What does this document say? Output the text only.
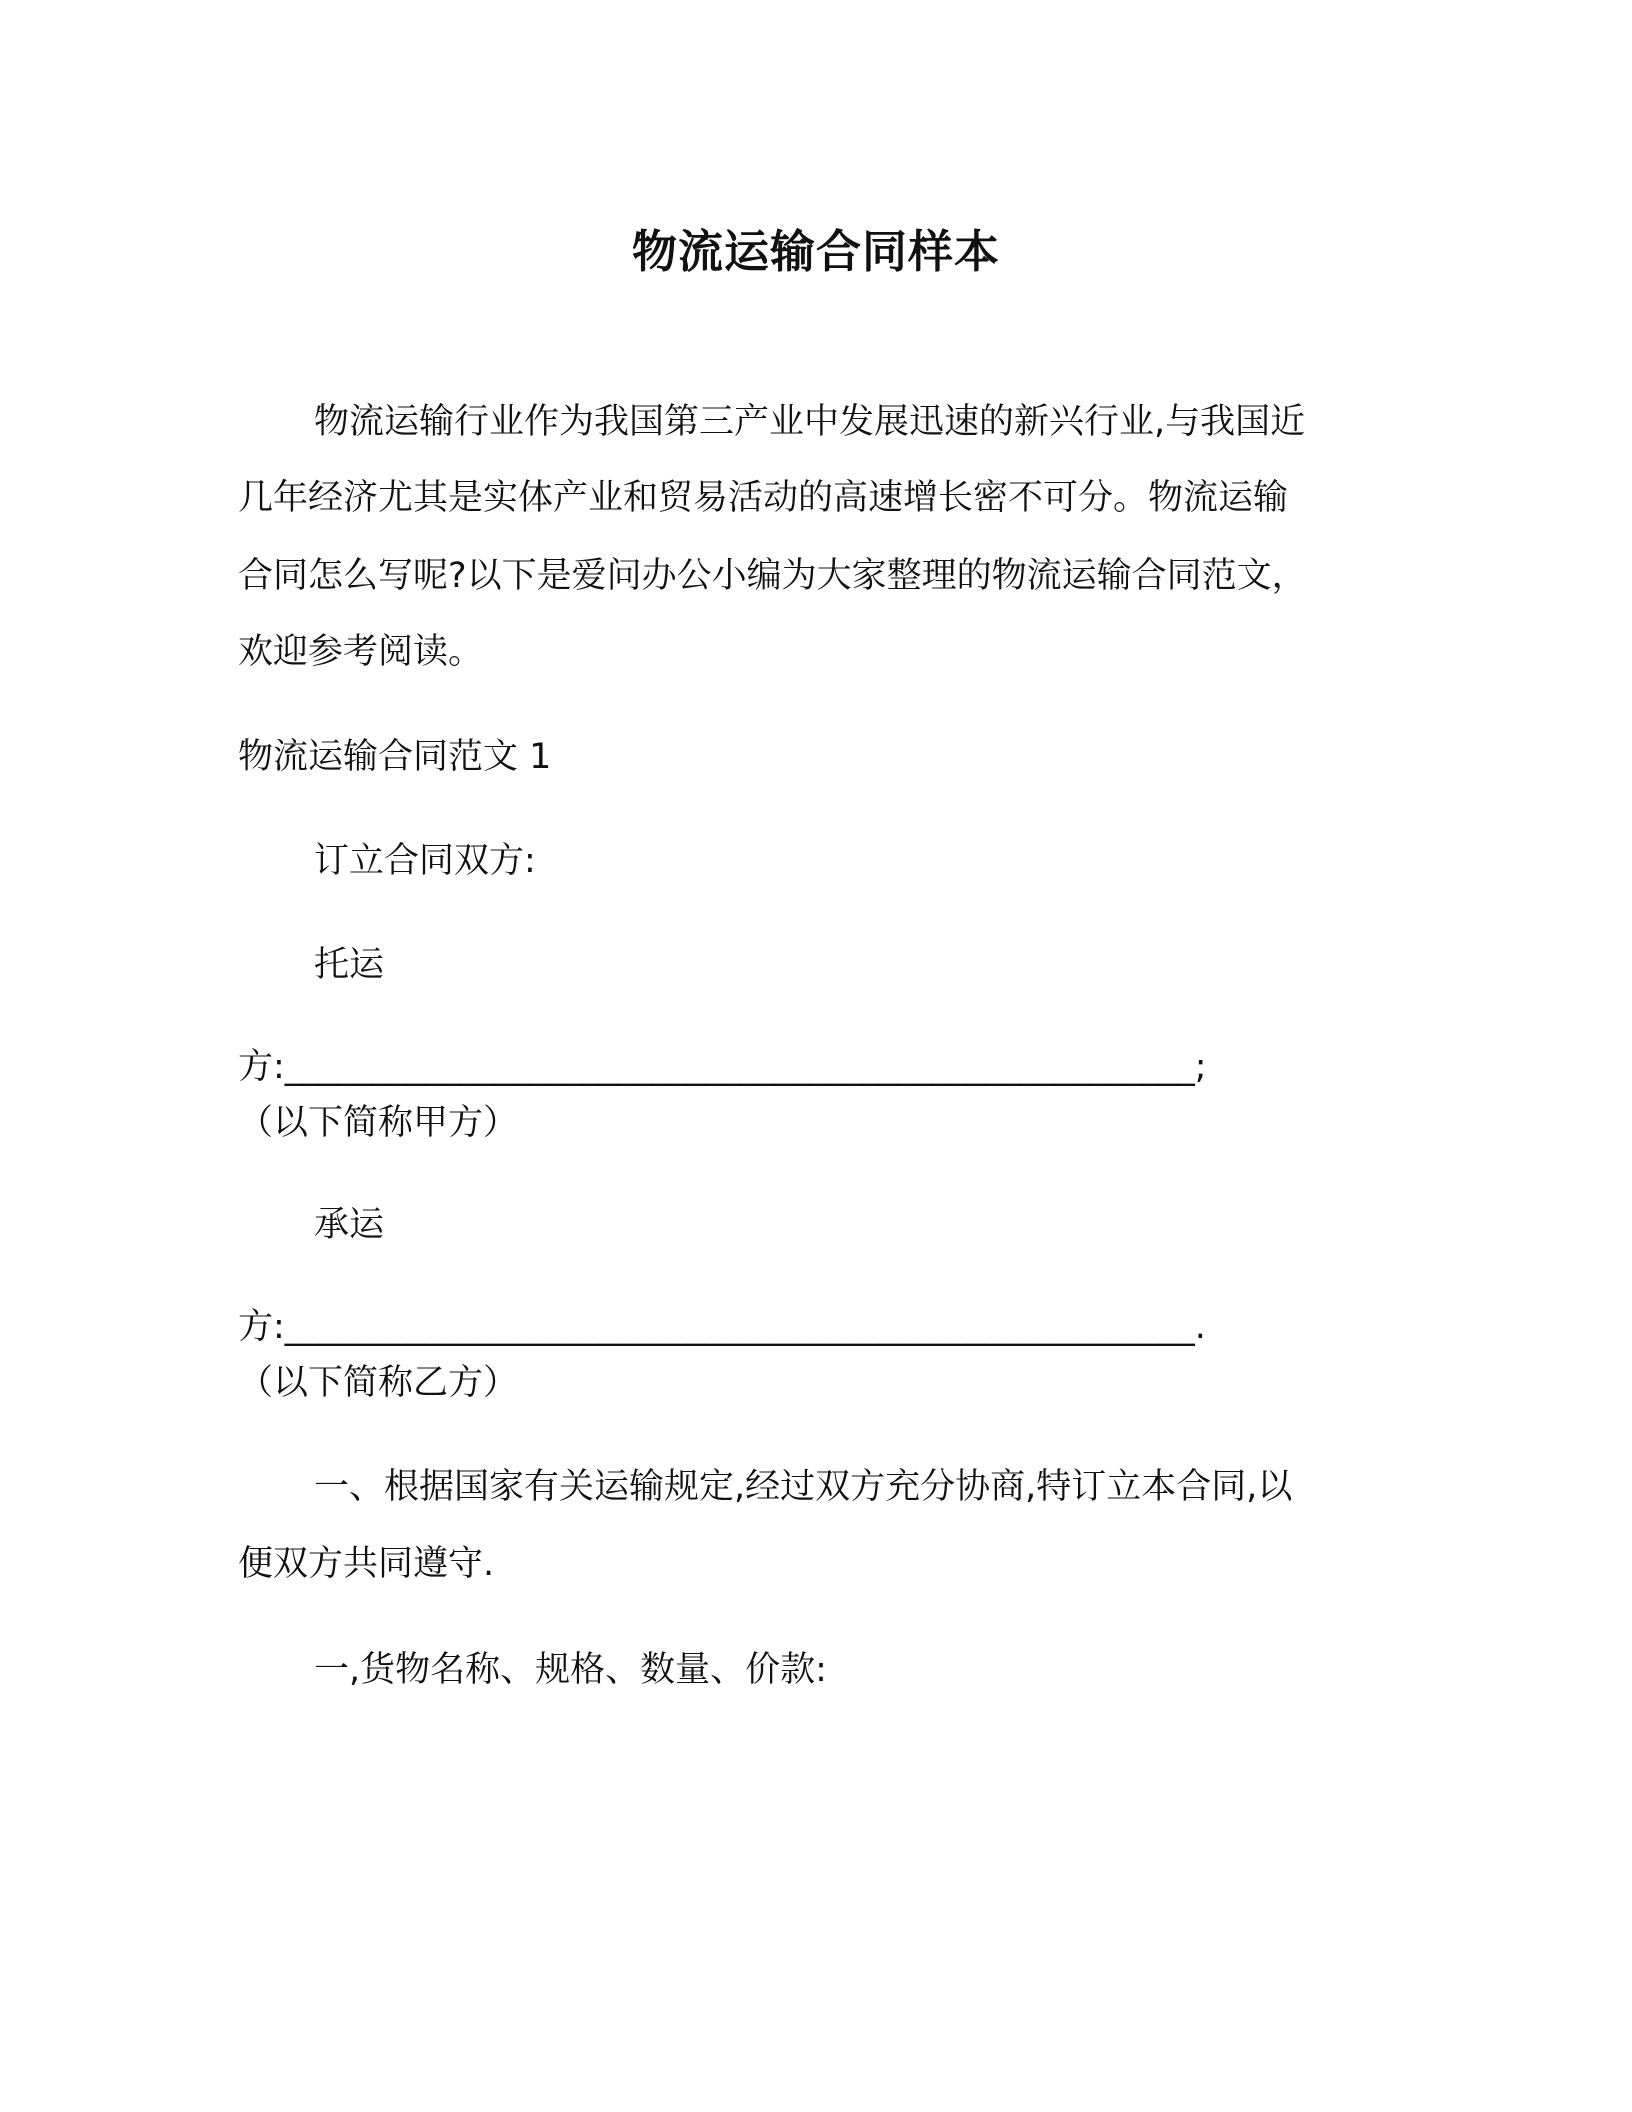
物流运输合同样本
物流运输行业作为我国第三产业中发展迅速的新兴行业,与我国近
几年经济尤其是实体产业和贸易活动的高速增长密不可分。物流运输
合同怎么写呢?以下是爱问办公小编为大家整理的物流运输合同范文，
欢迎参考阅读。
物流运输合同范文 1
订立合同双方:
托运
方:____________________________________________________;
（以下简称甲方）
承运
方:____________________________________________________.
（以下简称乙方）
一、根据国家有关运输规定,经过双方充分协商,特订立本合同,以
便双方共同遵守.
一,货物名称、规格、数量、价款:
